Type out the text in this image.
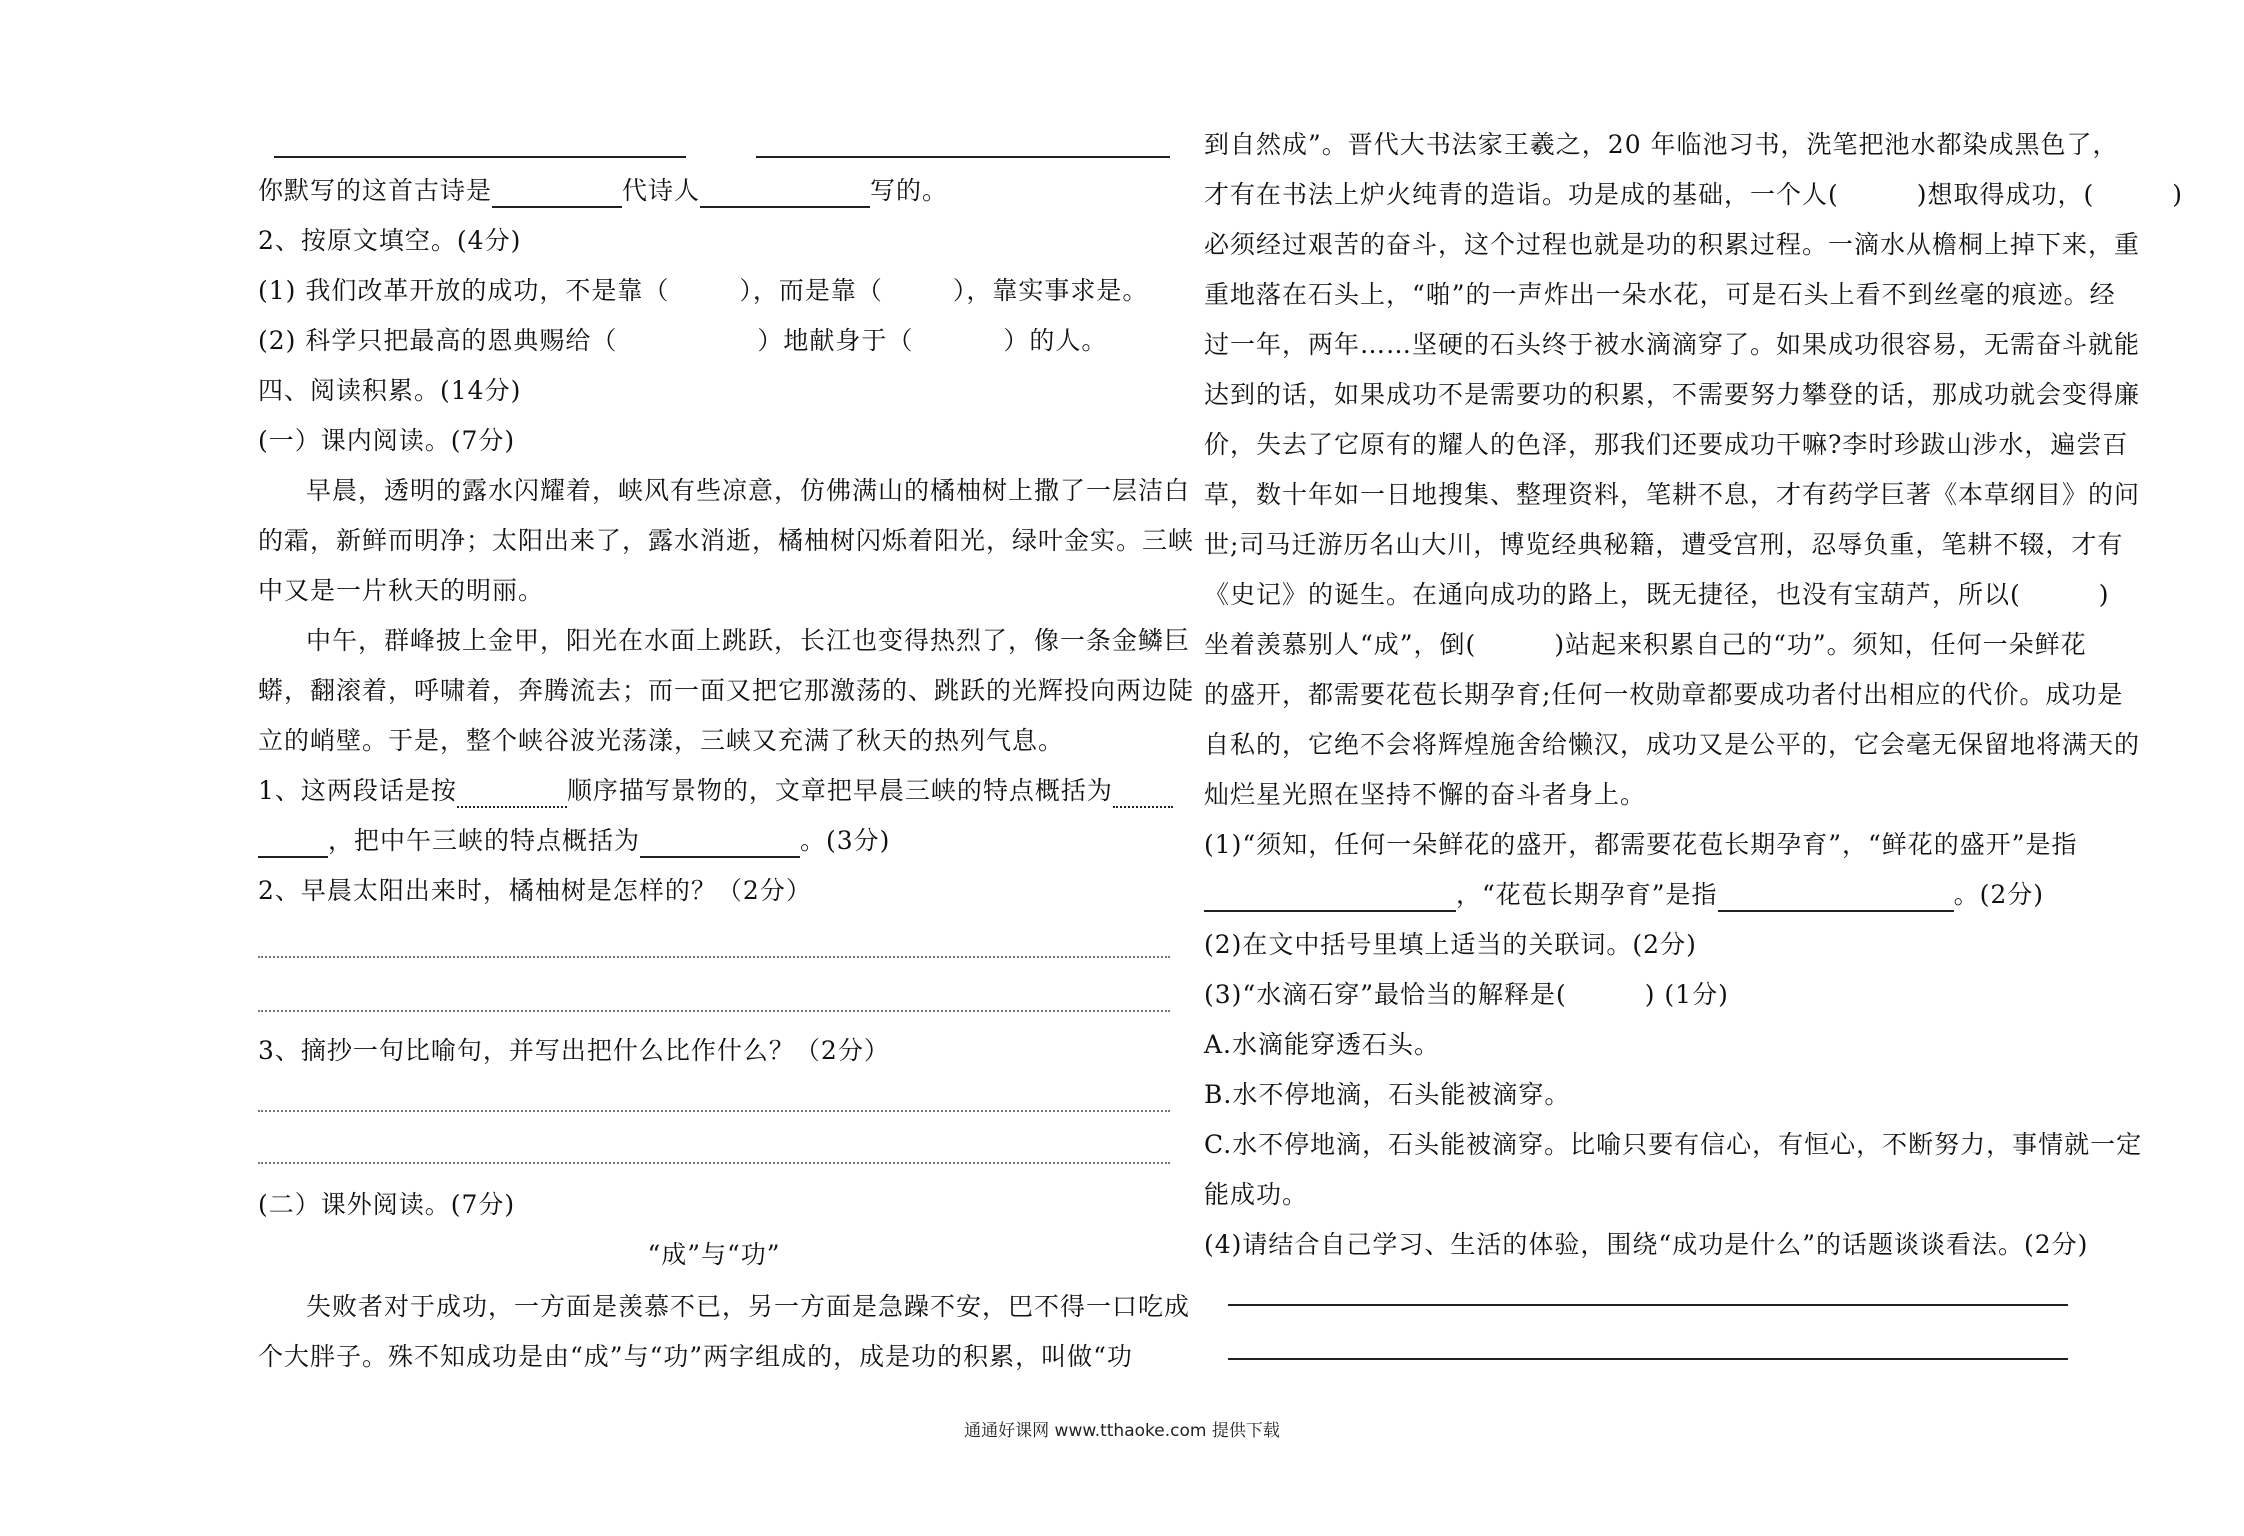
你默写的这首古诗是	代诗人	写的。
2、按原文填空。(4分)
(1) 我们改革开放的成功，不是靠（	），而是靠（	），靠实事求是。
(2) 科学只把最高的恩典赐给（	）地献身于（	）的人。
四、阅读积累。(14分)
(一）课内阅读。(7分)
早晨，透明的露水闪耀着，峡风有些凉意，仿佛满山的橘柚树上撒了一层洁白
的霜，新鲜而明净；太阳出来了，露水消逝，橘柚树闪烁着阳光，绿叶金实。三峡
中又是一片秋天的明丽。
中午，群峰披上金甲，阳光在水面上跳跃，长江也变得热烈了，像一条金鳞巨
蟒，翻滚着，呼啸着，奔腾流去；而一面又把它那激荡的、跳跃的光辉投向两边陡
立的峭壁。于是，整个峡谷波光荡漾，三峡又充满了秋天的热列气息。
1、这两段话是按	顺序描写景物的，文章把早晨三峡的特点概括为
，把中午三峡的特点概括为	。(3分)
2、早晨太阳出来时，橘柚树是怎样的？（2分）
3、摘抄一句比喻句，并写出把什么比作什么？（2分）
(二）课外阅读。(7分)
“成”与“功”
失败者对于成功，一方面是羡慕不已，另一方面是急躁不安，巴不得一口吃成
个大胖子。殊不知成功是由“成”与“功”两字组成的，成是功的积累，叫做“功
到自然成”。晋代大书法家王羲之，20 年临池习书，洗笔把池水都染成黑色了，
才有在书法上炉火纯青的造诣。功是成的基础，一个人(　　　)想取得成功，(　　　)
必须经过艰苦的奋斗，这个过程也就是功的积累过程。一滴水从檐桐上掉下来，重
重地落在石头上，“啪”的一声炸出一朵水花，可是石头上看不到丝毫的痕迹。经
过一年，两年……坚硬的石头终于被水滴滴穿了。如果成功很容易，无需奋斗就能
达到的话，如果成功不是需要功的积累，不需要努力攀登的话，那成功就会变得廉
价，失去了它原有的耀人的色泽，那我们还要成功干嘛?李时珍跋山涉水，遍尝百
草，数十年如一日地搜集、整理资料，笔耕不息，才有药学巨著《本草纲目》的问
世;司马迁游历名山大川，博览经典秘籍，遭受宫刑，忍辱负重，笔耕不辍，才有
《史记》的诞生。在通向成功的路上，既无捷径，也没有宝葫芦，所以(　　　)
坐着羡慕别人“成”，倒(　　　)站起来积累自己的“功”。须知，任何一朵鲜花
的盛开，都需要花苞长期孕育;任何一枚勋章都要成功者付出相应的代价。成功是
自私的，它绝不会将辉煌施舍给懒汉，成功又是公平的，它会毫无保留地将满天的
灿烂星光照在坚持不懈的奋斗者身上。
(1)“须知，任何一朵鲜花的盛开，都需要花苞长期孕育”，“鲜花的盛开”是指
，“花苞长期孕育”是指	。(2分)
(2)在文中括号里填上适当的关联词。(2分)
(3)“水滴石穿”最恰当的解释是(　　　) (1分)
A.水滴能穿透石头。
B.水不停地滴，石头能被滴穿。
C.水不停地滴，石头能被滴穿。比喻只要有信心，有恒心，不断努力，事情就一定
能成功。
(4)请结合自己学习、生活的体验，围绕“成功是什么”的话题谈谈看法。(2分)
通通好课网 www.tthaoke.com 提供下载
